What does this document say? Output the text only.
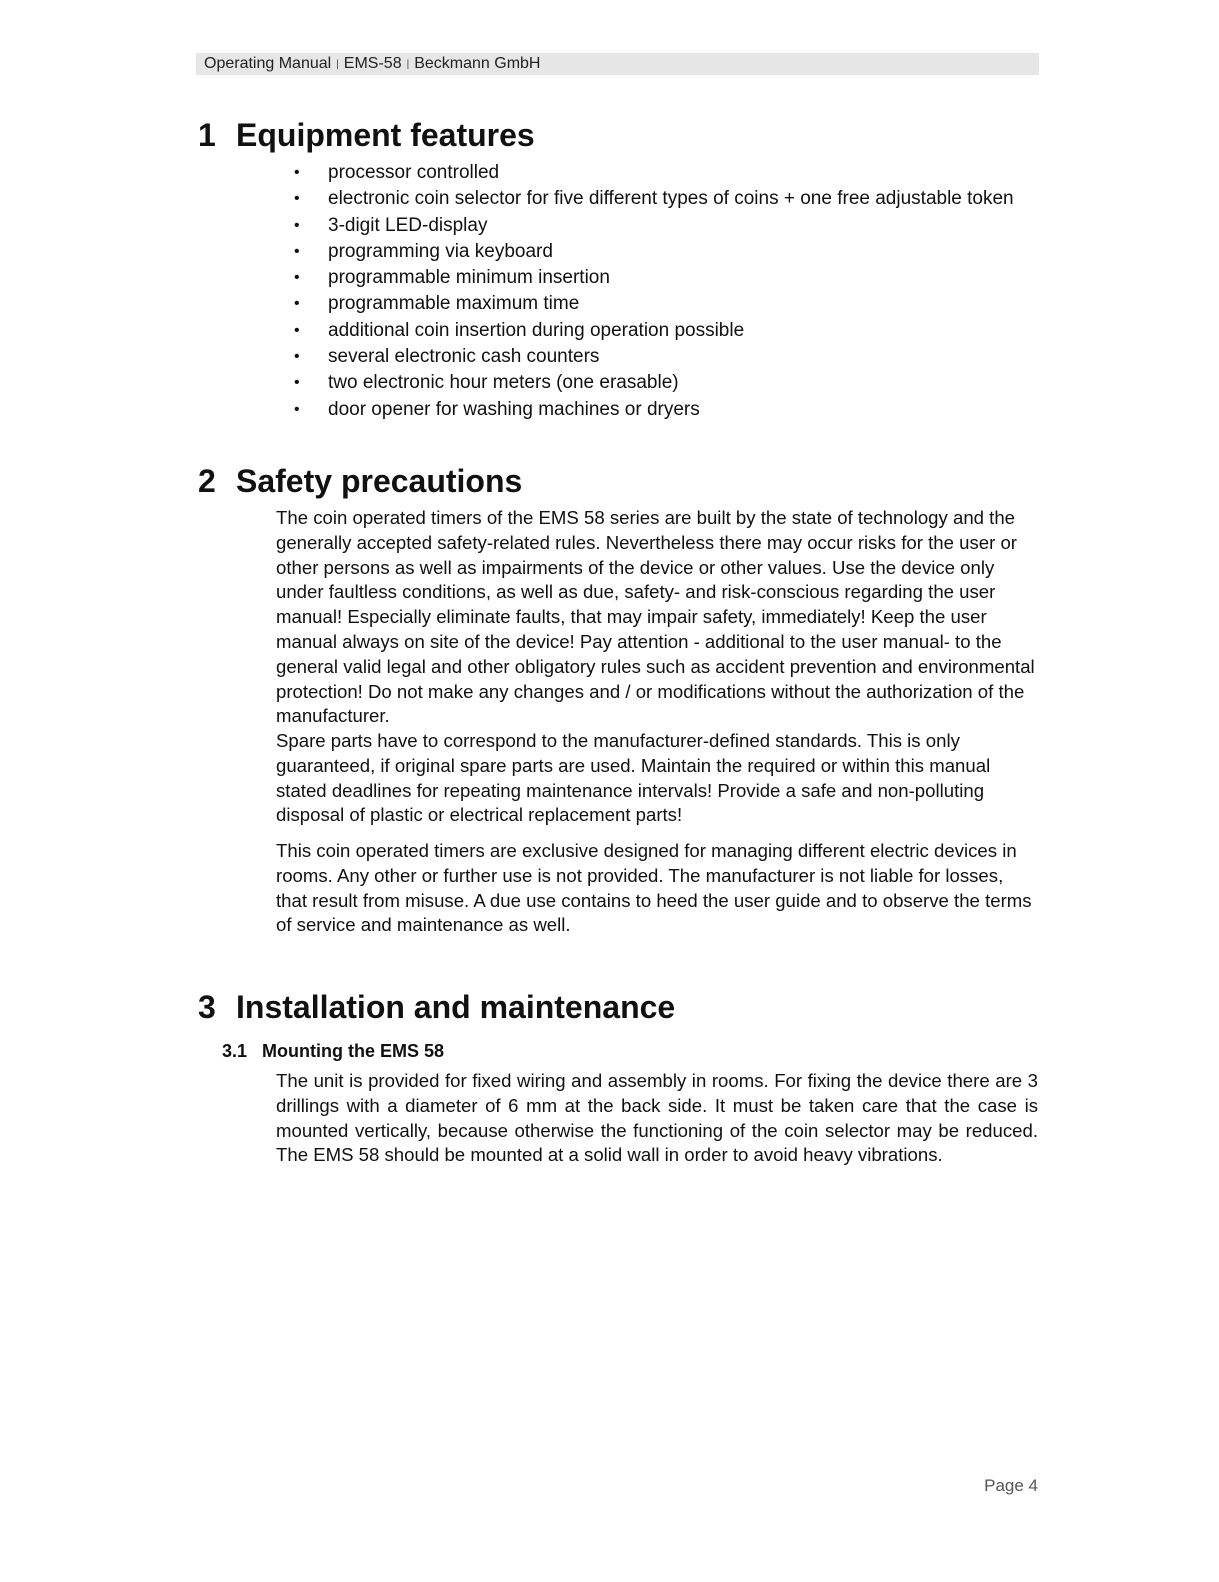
Operating Manual | EMS-58 | Beckmann GmbH
1 Equipment features
• processor controlled
• electronic coin selector for five different types of coins + one free adjustable token
• 3-digit LED-display
• programming via keyboard
• programmable minimum insertion
• programmable maximum time
• additional coin insertion during operation possible
• several electronic cash counters
• two electronic hour meters (one erasable)
• door opener for washing machines or dryers
2 Safety precautions

The coin operated timers of the EMS 58 series are built by the state of technology and the generally accepted safety-related rules. Nevertheless there may occur risks for the user or other persons as well as impairments of the device or other values. Use the device only under faultless conditions, as well as due, safety- and risk-conscious regarding the user manual! Especially eliminate faults, that may impair safety, immediately! Keep the user manual always on site of the device! Pay attention - additional to the user manual- to the general valid legal and other obligatory rules such as accident prevention and environmental protection! Do not make any changes and / or modifications without the authorization of the manufacturer.

Spare parts have to correspond to the manufacturer-defined standards. This is only guaranteed, if original spare parts are used. Maintain the required or within this manual stated deadlines for repeating maintenance intervals! Provide a safe and non-polluting disposal of plastic or electrical replacement parts!

This coin operated timers are exclusive designed for managing different electric devices in rooms. Any other or further use is not provided. The manufacturer is not liable for losses, that result from misuse. A due use contains to heed the user guide and to observe the terms of service and maintenance as well.

3 Installation and maintenance
3.1 Mounting the EMS 58

The unit is provided for fixed wiring and assembly in rooms. For fixing the device there are 3 drillings with a diameter of 6 mm at the back side. It must be taken care that the case is mounted vertically, because otherwise the functioning of the coin selector may be reduced. The EMS 58 should be mounted at a solid wall in order to avoid heavy vibrations.

Page 4
